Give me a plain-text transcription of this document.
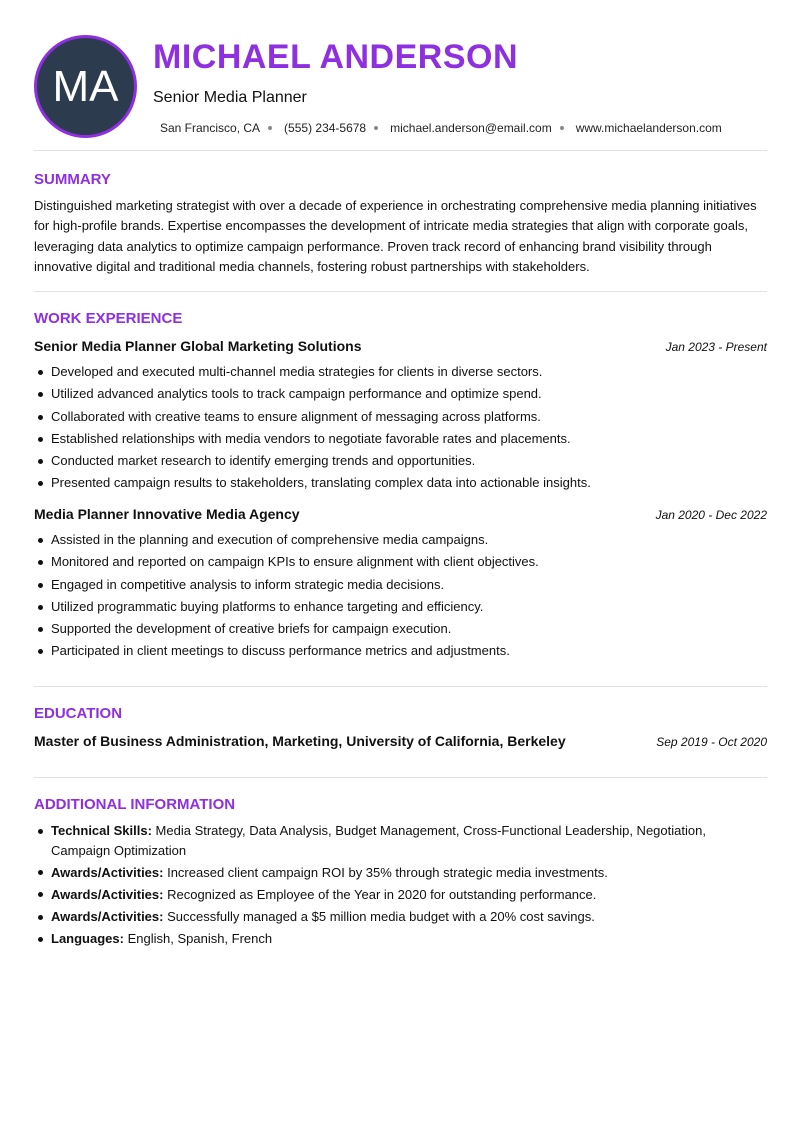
MA
MICHAEL ANDERSON
Senior Media Planner
San Francisco, CA (555) 234-5678 michael.anderson@email.com www.michaelanderson.com
SUMMARY
Distinguished marketing strategist with over a decade of experience in orchestrating comprehensive media planning initiatives for high-profile brands. Expertise encompasses the development of intricate media strategies that align with corporate goals, leveraging data analytics to optimize campaign performance. Proven track record of enhancing brand visibility through innovative digital and traditional media channels, fostering robust partnerships with stakeholders.
WORK EXPERIENCE
Senior Media Planner Global Marketing Solutions	Jan 2023 - Present
Developed and executed multi-channel media strategies for clients in diverse sectors.
Utilized advanced analytics tools to track campaign performance and optimize spend.
Collaborated with creative teams to ensure alignment of messaging across platforms.
Established relationships with media vendors to negotiate favorable rates and placements.
Conducted market research to identify emerging trends and opportunities.
Presented campaign results to stakeholders, translating complex data into actionable insights.
Media Planner Innovative Media Agency	Jan 2020 - Dec 2022
Assisted in the planning and execution of comprehensive media campaigns.
Monitored and reported on campaign KPIs to ensure alignment with client objectives.
Engaged in competitive analysis to inform strategic media decisions.
Utilized programmatic buying platforms to enhance targeting and efficiency.
Supported the development of creative briefs for campaign execution.
Participated in client meetings to discuss performance metrics and adjustments.
EDUCATION
Master of Business Administration, Marketing, University of California, Berkeley	Sep 2019 - Oct 2020
ADDITIONAL INFORMATION
Technical Skills: Media Strategy, Data Analysis, Budget Management, Cross-Functional Leadership, Negotiation, Campaign Optimization
Awards/Activities: Increased client campaign ROI by 35% through strategic media investments.
Awards/Activities: Recognized as Employee of the Year in 2020 for outstanding performance.
Awards/Activities: Successfully managed a $5 million media budget with a 20% cost savings.
Languages: English, Spanish, French
